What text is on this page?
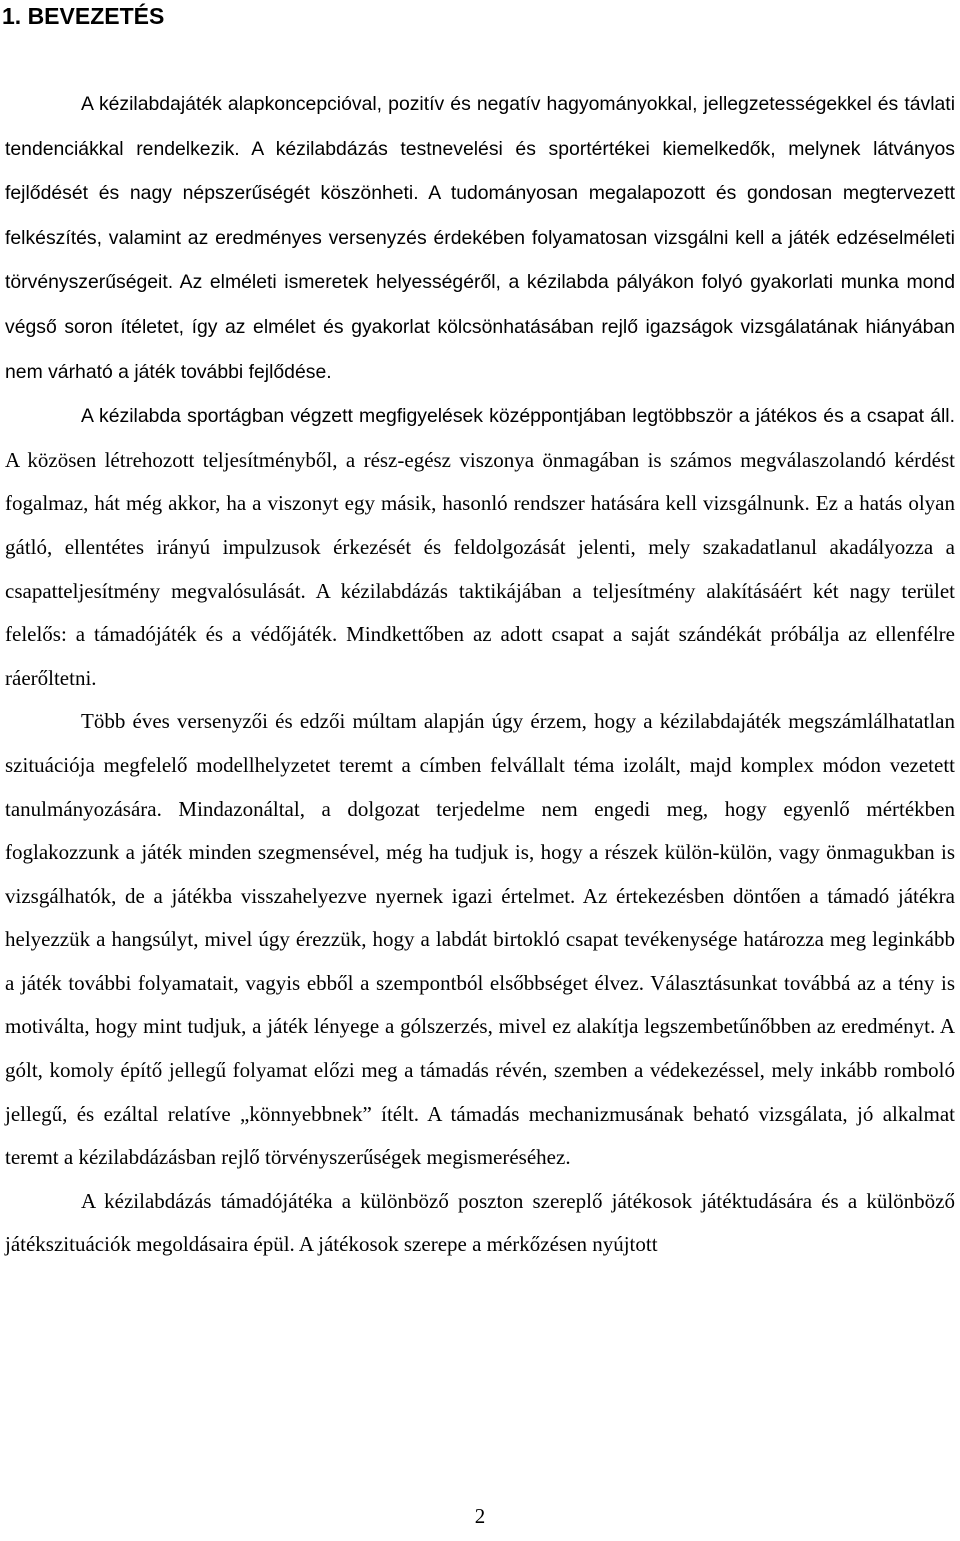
1. BEVEZETÉS

A kézilabdajáték alapkoncepcióval, pozitív és negatív hagyományokkal, jellegzetességekkel és távlati tendenciákkal rendelkezik. A kézilabdázás testnevelési és sportértékei kiemelkedők, melynek látványos fejlődését és nagy népszerűségét köszönheti. A tudományosan megalapozott és gondosan megtervezett felkészítés, valamint az eredményes versenyzés érdekében folyamatosan vizsgálni kell a játék edzéselméleti törvényszerűségeit. Az elméleti ismeretek helyességéről, a kézilabda pályákon folyó gyakorlati munka mond végső soron ítéletet, így az elmélet és gyakorlat kölcsönhatásában rejlő igazságok vizsgálatának hiányában nem várható a játék további fejlődése.

A kézilabda sportágban végzett megfigyelések középpontjában legtöbbször a játékos és a csapat áll. A közösen létrehozott teljesítményből, a rész-egész viszonya önmagában is számos megválaszolandó kérdést fogalmaz, hát még akkor, ha a viszonyt egy másik, hasonló rendszer hatására kell vizsgálnunk. Ez a hatás olyan gátló, ellentétes irányú impulzusok érkezését és feldolgozását jelenti, mely szakadatlanul akadályozza a csapatteljesítmény megvalósulását. A kézilabdázás taktikájában a teljesítmény alakításáért két nagy terület felelős: a támadójáték és a védőjáték. Mindkettőben az adott csapat a saját szándékát próbálja az ellenfélre ráerőltetni.

Több éves versenyzői és edzői múltam alapján úgy érzem, hogy a kézilabdajáték megszámlálhatatlan szituációja megfelelő modellhelyzetet teremt a címben felvállalt téma izolált, majd komplex módon vezetett tanulmányozására. Mindazonáltal, a dolgozat terjedelme nem engedi meg, hogy egyenlő mértékben foglakozzunk a játék minden szegmensével, még ha tudjuk is, hogy a részek külön-külön, vagy önmagukban is vizsgálhatók, de a játékba visszahelyezve nyernek igazi értelmet. Az értekezésben döntően a támadó játékra helyezzük a hangsúlyt, mivel úgy érezzük, hogy a labdát birtokló csapat tevékenysége határozza meg leginkább a játék további folyamatait, vagyis ebből a szempontból elsőbbséget élvez. Választásunkat továbbá az a tény is motiválta, hogy mint tudjuk, a játék lényege a gólszerzés, mivel ez alakítja legszembetűnőbben az eredményt. A gólt, komoly építő jellegű folyamat előzi meg a támadás révén, szemben a védekezéssel, mely inkább romboló jellegű, és ezáltal relatíve „könnyebbnek” ítélt. A támadás mechanizmusának beható vizsgálata, jó alkalmat teremt a kézilabdázásban rejlő törvényszerűségek megismeréséhez.

A kézilabdázás támadójátéka a különböző poszton szereplő játékosok játéktudására és a különböző játékszituációk megoldásaira épül. A játékosok szerepe a mérkőzésen nyújtott

2
